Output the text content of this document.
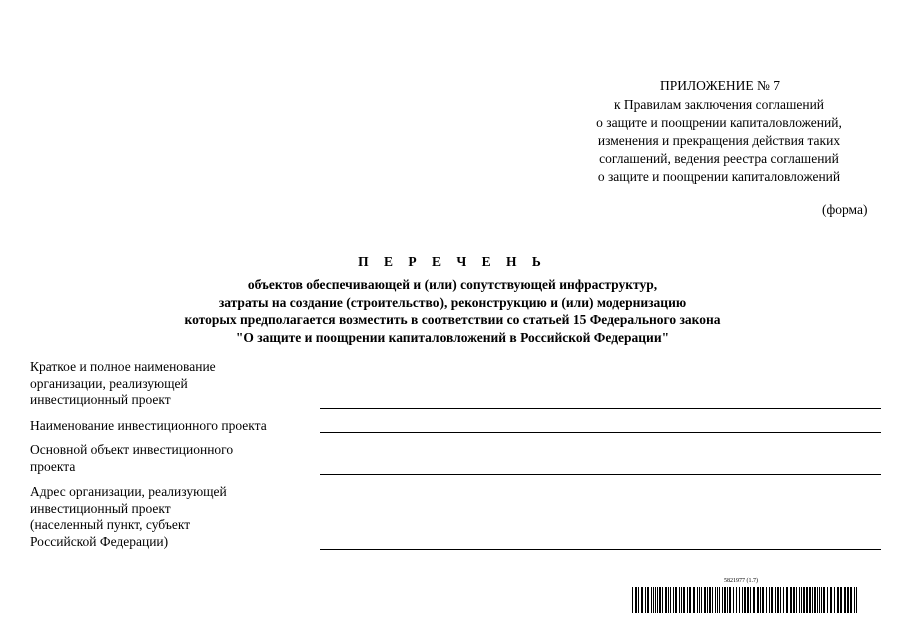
ПРИЛОЖЕНИЕ № 7
к Правилам заключения соглашений
о защите и поощрении капиталовложений,
изменения и прекращения действия таких
соглашений, ведения реестра соглашений
о защите и поощрении капиталовложений
(форма)
П Е Р Е Ч Е Н Ь
объектов обеспечивающей и (или) сопутствующей инфраструктур,
затраты на создание (строительство), реконструкцию и (или) модернизацию
которых предполагается возместить в соответствии со статьей 15 Федерального закона
"О защите и поощрении капиталовложений в Российской Федерации"
Краткое и полное наименование
организации, реализующей
инвестиционный проект
Наименование инвестиционного проекта
Основной объект инвестиционного
проекта
Адрес организации, реализующей
инвестиционный проект
(населенный пункт, субъект
Российской Федерации)
5821977 (1.7)
